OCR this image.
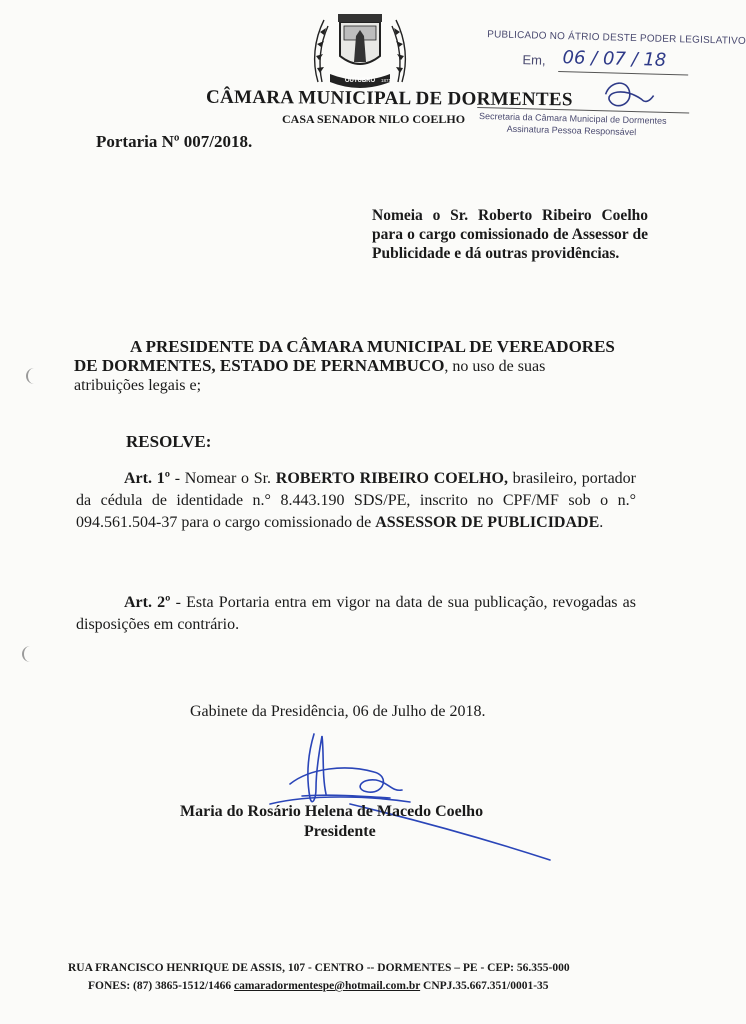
OUTUBRO 1871
CÂMARA MUNICIPAL DE DORMENTES
CASA SENADOR NILO COELHO
PUBLICADO NO ÁTRIO DESTE PODER LEGISLATIVO
Em, 06 / 07 / 18
Secretaria da Câmara Municipal de Dormentes
Assinatura Pessoa Responsável
Portaria Nº 007/2018.
Nomeia o Sr. Roberto Ribeiro Coelho para o cargo comissionado de Assessor de Publicidade e dá outras providências.
A PRESIDENTE DA CÂMARA MUNICIPAL DE VEREADORES
DE DORMENTES, ESTADO DE PERNAMBUCO, no uso de suas
atribuições legais e;
RESOLVE:
Art. 1º - Nomear o Sr. ROBERTO RIBEIRO COELHO, brasileiro, portador da cédula de identidade n.° 8.443.190 SDS/PE, inscrito no CPF/MF sob o n.° 094.561.504-37 para o cargo comissionado de ASSESSOR DE PUBLICIDADE.
Art. 2º - Esta Portaria entra em vigor na data de sua publicação, revogadas as disposições em contrário.
Gabinete da Presidência, 06 de Julho de 2018.
Maria do Rosário Helena de Macedo Coelho
Presidente
RUA FRANCISCO HENRIQUE DE ASSIS, 107 - CENTRO -- DORMENTES – PE - CEP: 56.355-000
FONES: (87) 3865-1512/1466 camaradormentespe@hotmail.com.br CNPJ.35.667.351/0001-35
